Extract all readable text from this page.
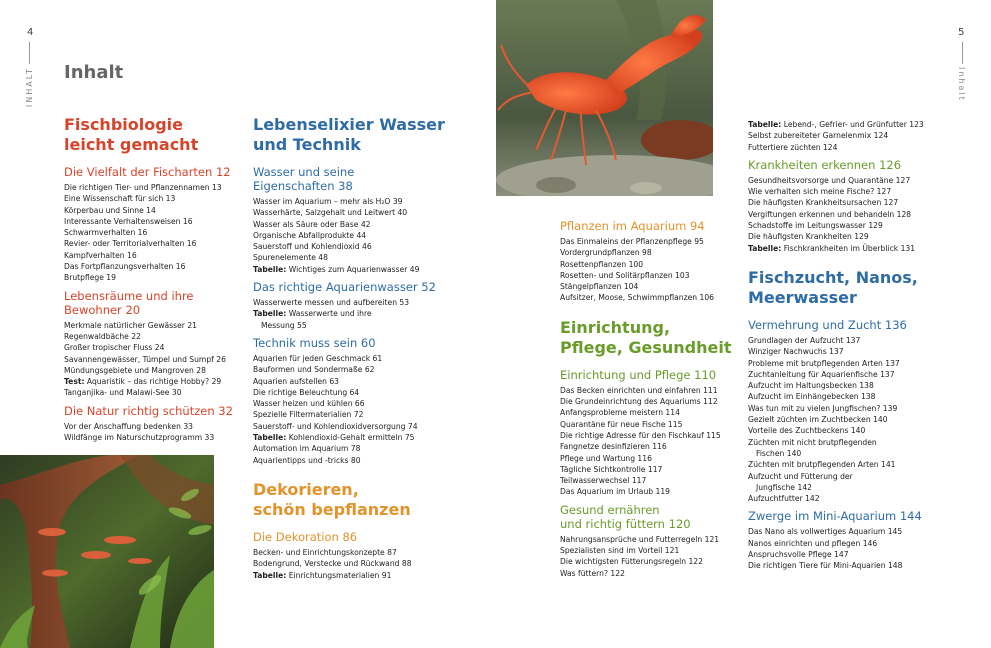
4
INHALT
5
Inhalt
Inhalt
Fischbiologie
leicht gemacht
Die Vielfalt der Fischarten 12
Die richtigen Tier- und Pflanzennamen 13
Eine Wissenschaft für sich 13
Körperbau und Sinne 14
Interessante Verhaltensweisen 16
Schwarmverhalten 16
Revier- oder Territorialverhalten 16
Kampfverhalten 16
Das Fortpflanzungsverhalten 16
Brutpflege 19
Lebensräume und ihre
Bewohner 20
Merkmale natürlicher Gewässer 21
Regenwaldbäche 22
Großer tropischer Fluss 24
Savannengewässer, Tümpel und Sumpf 26
Mündungsgebiete und Mangroven 28
Test: Aquaristik – das richtige Hobby? 29
Tanganjika- und Malawi-See 30
Die Natur richtig schützen 32
Vor der Anschaffung bedenken 33
Wildfänge im Naturschutzprogramm 33
Lebenselixier Wasser
und Technik
Wasser und seine
Eigenschaften 38
Wasser im Aquarium – mehr als H₂O 39
Wasserhärte, Salzgehalt und Leitwert 40
Wasser als Säure oder Base 42
Organische Abfallprodukte 44
Sauerstoff und Kohlendioxid 46
Spurenelemente 48
Tabelle: Wichtiges zum Aquarienwasser 49
Das richtige Aquarienwasser 52
Wasserwerte messen und aufbereiten 53
Tabelle: Wasserwerte und ihre
Messung 55
Technik muss sein 60
Aquarien für jeden Geschmack 61
Bauformen und Sondermaße 62
Aquarien aufstellen 63
Die richtige Beleuchtung 64
Wasser heizen und kühlen 66
Spezielle Filtermaterialien 72
Sauerstoff- und Kohlendioxidversorgung 74
Tabelle: Kohlendioxid-Gehalt ermitteln 75
Automation im Aquarium 78
Aquarientipps und -tricks 80
Dekorieren,
schön bepflanzen
Die Dekoration 86
Becken- und Einrichtungskonzepte 87
Bodengrund, Verstecke und Rückwand 88
Tabelle: Einrichtungsmaterialien 91
Pflanzen im Aquarium 94
Das Einmaleins der Pflanzenpflege 95
Vordergrundpflanzen 98
Rosettenpflanzen 100
Rosetten- und Solitärpflanzen 103
Stängelpflanzen 104
Aufsitzer, Moose, Schwimmpflanzen 106
Einrichtung,
Pflege, Gesundheit
Einrichtung und Pflege 110
Das Becken einrichten und einfahren 111
Die Grundeinrichtung des Aquariums 112
Anfangsprobleme meistern 114
Quarantäne für neue Fische 115
Die richtige Adresse für den Fischkauf 115
Fangnetze desinfizieren 116
Pflege und Wartung 116
Tägliche Sichtkontrolle 117
Teilwasserwechsel 117
Das Aquarium im Urlaub 119
Gesund ernähren
und richtig füttern 120
Nahrungsansprüche und Futterregeln 121
Spezialisten sind im Vorteil 121
Die wichtigsten Fütterungsregeln 122
Was füttern? 122
Tabelle: Lebend-, Gefrier- und Grünfutter 123
Selbst zubereiteter Garnelenmix 124
Futtertiere züchten 124
Krankheiten erkennen 126
Gesundheitsvorsorge und Quarantäne 127
Wie verhalten sich meine Fische? 127
Die häufigsten Krankheitsursachen 127
Vergiftungen erkennen und behandeln 128
Schadstoffe im Leitungswasser 129
Die häufigsten Krankheiten 129
Tabelle: Fischkrankheiten im Überblick 131
Fischzucht, Nanos,
Meerwasser
Vermehrung und Zucht 136
Grundlagen der Aufzucht 137
Winziger Nachwuchs 137
Probleme mit brutpflegenden Arten 137
Zuchtanleitung für Aquarienfische 137
Aufzucht im Haltungsbecken 138
Aufzucht im Einhängebecken 138
Was tun mit zu vielen Jungfischen? 139
Gezielt züchten im Zuchtbecken 140
Vorteile des Zuchtbeckens 140
Züchten mit nicht brutpflegenden
Fischen 140
Züchten mit brutpflegenden Arten 141
Aufzucht und Fütterung der
Jungfische 142
Aufzuchtfutter 142
Zwerge im Mini-Aquarium 144
Das Nano als vollwertiges Aquarium 145
Nanos einrichten und pflegen 146
Anspruchsvolle Pflege 147
Die richtigen Tiere für Mini-Aquarien 148
